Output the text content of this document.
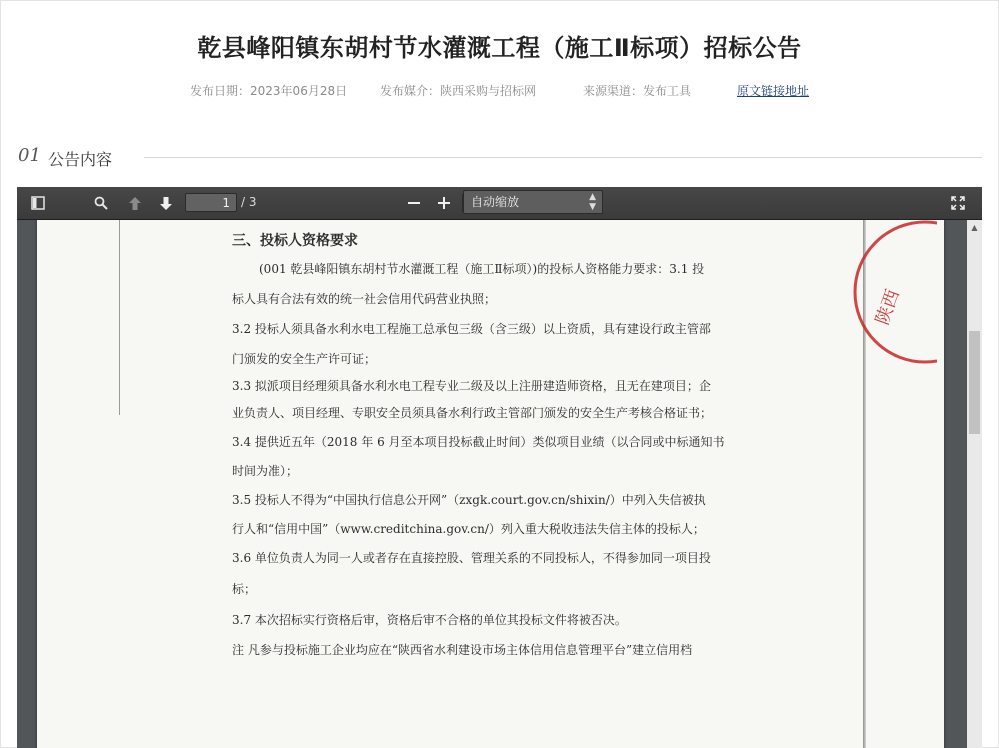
乾县峰阳镇东胡村节水灌溉工程（施工Ⅱ标项）招标公告
发布日期：2023年06月28日	发布媒介：陕西采购与招标网	来源渠道：发布工具	原文链接地址
01 公告内容
1 / 3	自动缩放	▲
▼
陕西
三、投标人资格要求
(001 乾县峰阳镇东胡村节水灌溉工程（施工Ⅱ标项）)的投标人资格能力要求：3.1 投
标人具有合法有效的统一社会信用代码营业执照；
3.2 投标人须具备水利水电工程施工总承包三级（含三级）以上资质，具有建设行政主管部
门颁发的安全生产许可证；
3.3 拟派项目经理须具备水利水电工程专业二级及以上注册建造师资格，且无在建项目；企
业负责人、项目经理、专职安全员须具备水利行政主管部门颁发的安全生产考核合格证书；
3.4 提供近五年（2018 年 6 月至本项目投标截止时间）类似项目业绩（以合同或中标通知书
时间为准）；
3.5 投标人不得为“中国执行信息公开网”（zxgk.court.gov.cn/shixin/）中列入失信被执
行人和“信用中国”（www.creditchina.gov.cn/）列入重大税收违法失信主体的投标人；
3.6 单位负责人为同一人或者存在直接控股、管理关系的不同投标人，不得参加同一项目投
标；
3.7 本次招标实行资格后审，资格后审不合格的单位其投标文件将被否决。
注 凡参与投标施工企业均应在“陕西省水利建设市场主体信用信息管理平台”建立信用档
▲
